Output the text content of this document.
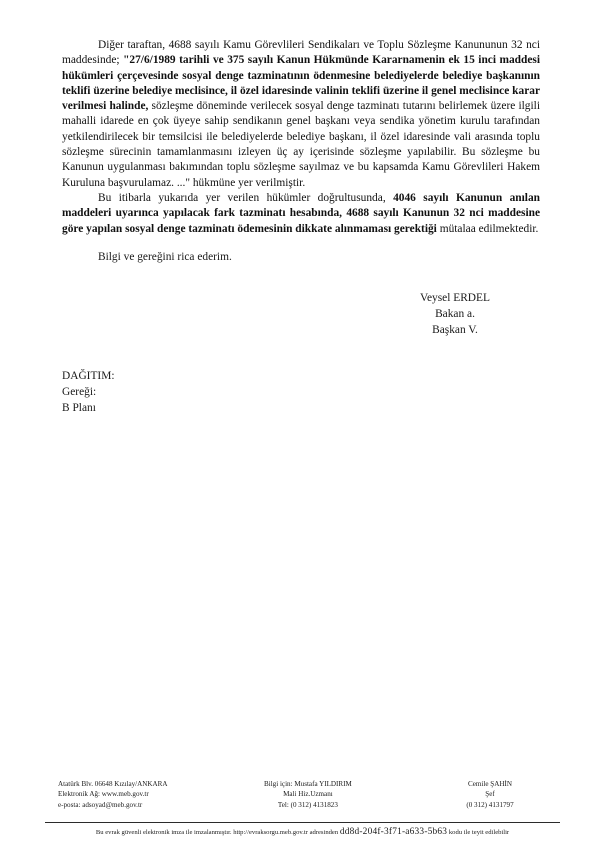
Diğer taraftan, 4688 sayılı Kamu Görevlileri Sendikaları ve Toplu Sözleşme Kanununun 32 nci maddesinde; "27/6/1989 tarihli ve 375 sayılı Kanun Hükmünde Kararnamenin ek 15 inci maddesi hükümleri çerçevesinde sosyal denge tazminatının ödenmesine belediyelerde belediye başkanının teklifi üzerine belediye meclisince, il özel idaresinde valinin teklifi üzerine il genel meclisince karar verilmesi halinde, sözleşme döneminde verilecek sosyal denge tazminatı tutarını belirlemek üzere ilgili mahalli idarede en çok üyeye sahip sendikanın genel başkanı veya sendika yönetim kurulu tarafından yetkilendirilecek bir temsilcisi ile belediyelerde belediye başkanı, il özel idaresinde vali arasında toplu sözleşme sürecinin tamamlanmasını izleyen üç ay içerisinde sözleşme yapılabilir. Bu sözleşme bu Kanunun uygulanması bakımından toplu sözleşme sayılmaz ve bu kapsamda Kamu Görevlileri Hakem Kuruluna başvurulamaz. ..." hükmüne yer verilmiştir.

Bu itibarla yukarıda yer verilen hükümler doğrultusunda, 4046 sayılı Kanunun anılan maddeleri uyarınca yapılacak fark tazminatı hesabında, 4688 sayılı Kanunun 32 nci maddesine göre yapılan sosyal denge tazminatı ödemesinin dikkate alınmaması gerektiği mütalaa edilmektedir.

Bilgi ve gereğini rica ederim.
Veysel ERDEL
Bakan a.
Başkan V.
DAĞITIM:
Gereği:
B Planı
Atatürk Blv. 06648 Kızılay/ANKARA
Elektronik Ağ: www.meb.gov.tr
e-posta: adsoyad@meb.gov.tr
Bilgi için: Mustafa YILDIRIM
Mali Hiz.Uzmanı
Tel: (0 312) 4131823
Cemile ŞAHİN
Şef
(0 312) 4131797
Bu evrak güvenli elektronik imza ile imzalanmıştır. http://evraksorgu.meb.gov.tr adresinden dd8d-204f-3f71-a633-5b63 kodu ile teyit edilebilir
